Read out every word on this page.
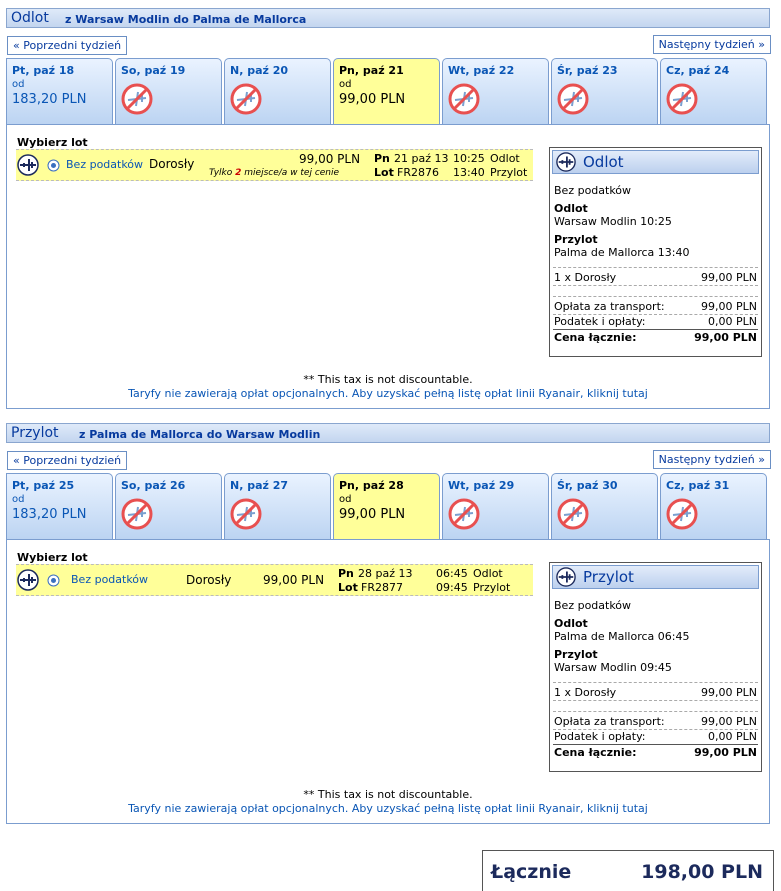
Odlot z Warsaw Modlin do Palma de Mallorca
« Poprzedni tydzień	Następny tydzień »
Pt, paź 18
od
183,20 PLN
So, paź 19	N, paź 20	Pn, paź 21
od
99,00 PLN
Wt, paź 22	Śr, paź 23	Cz, paź 24
Wybierz lot
Bez podatków Dorosły	99,00 PLN
Tylko 2 miejsce/a w tej cenie
Pn 21 paź 13 10:25 Odlot
Lot FR2876 13:40 Przylot
Odlot
Bez podatków
Odlot
Warsaw Modlin 10:25
Przylot
Palma de Mallorca 13:40
1 x Dorosły	99,00 PLN
Opłata za transport:	99,00 PLN
Podatek i opłaty:	0,00 PLN
Cena łącznie:	99,00 PLN
** This tax is not discountable.
Taryfy nie zawierają opłat opcjonalnych. Aby uzyskać pełną listę opłat linii Ryanair, kliknij tutaj
Przylot z Palma de Mallorca do Warsaw Modlin
« Poprzedni tydzień	Następny tydzień »
Pt, paź 25
od
183,20 PLN
So, paź 26	N, paź 27	Pn, paź 28
od
99,00 PLN
Wt, paź 29	Śr, paź 30	Cz, paź 31
Wybierz lot
Bez podatków	Dorosły	99,00 PLN Pn 28 paź 13 06:45 Odlot
Lot FR2877	09:45 Przylot
Przylot
Bez podatków
Odlot
Palma de Mallorca 06:45
Przylot
Warsaw Modlin 09:45
1 x Dorosły	99,00 PLN
Opłata za transport:	99,00 PLN
Podatek i opłaty:	0,00 PLN
Cena łącznie:	99,00 PLN
** This tax is not discountable.
Taryfy nie zawierają opłat opcjonalnych. Aby uzyskać pełną listę opłat linii Ryanair, kliknij tutaj
Łącznie	198,00 PLN
